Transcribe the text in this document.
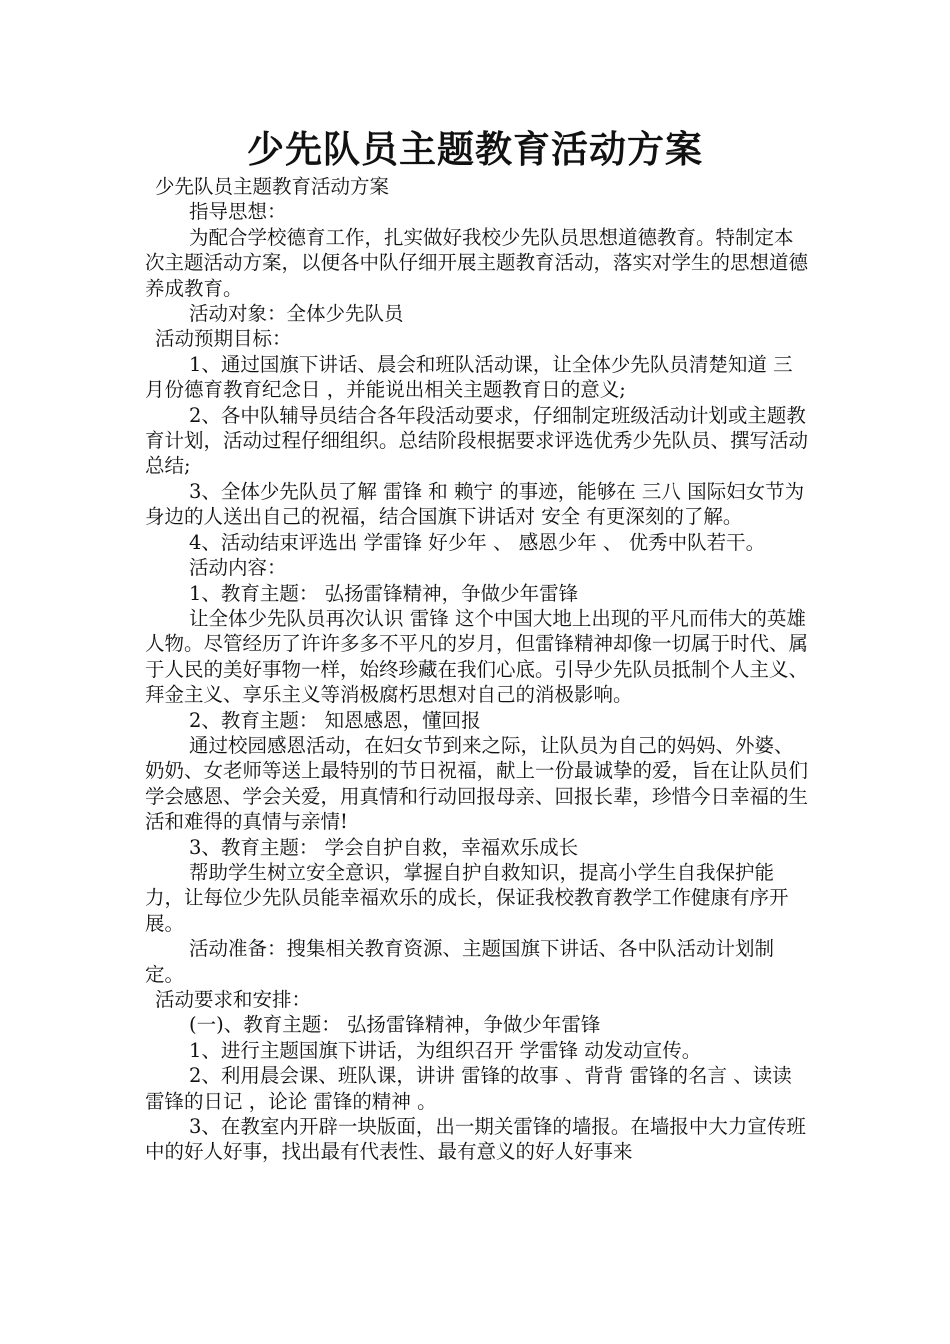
少先队员主题教育活动方案

少先队员主题教育活动方案

指导思想：

为配合学校德育工作，扎实做好我校少先队员思想道德教育。特制定本次主题活动方案，以便各中队仔细开展主题教育活动，落实对学生的思想道德养成教育。

活动对象：全体少先队员

活动预期目标：

1、通过国旗下讲话、晨会和班队活动课，让全体少先队员清楚知道 三月份德育教育纪念日 ，并能说出相关主题教育日的意义;

2、各中队辅导员结合各年段活动要求，仔细制定班级活动计划或主题教育计划，活动过程仔细组织。总结阶段根据要求评选优秀少先队员、撰写活动总结;

3、全体少先队员了解 雷锋 和 赖宁 的事迹，能够在 三八 国际妇女节为身边的人送出自己的祝福，结合国旗下讲话对 安全 有更深刻的了解。

4、活动结束评选出 学雷锋 好少年 、 感恩少年 、 优秀中队若干。

活动内容：

1、教育主题： 弘扬雷锋精神，争做少年雷锋

让全体少先队员再次认识 雷锋 这个中国大地上出现的平凡而伟大的英雄人物。尽管经历了许许多多不平凡的岁月，但雷锋精神却像一切属于时代、属于人民的美好事物一样，始终珍藏在我们心底。引导少先队员抵制个人主义、拜金主义、享乐主义等消极腐朽思想对自己的消极影响。

2、教育主题： 知恩感恩，懂回报

通过校园感恩活动，在妇女节到来之际，让队员为自己的妈妈、外婆、奶奶、女老师等送上最特别的节日祝福，献上一份最诚挚的爱，旨在让队员们学会感恩、学会关爱，用真情和行动回报母亲、回报长辈，珍惜今日幸福的生活和难得的真情与亲情!

3、教育主题： 学会自护自救，幸福欢乐成长

帮助学生树立安全意识，掌握自护自救知识，提高小学生自我保护能力，让每位少先队员能幸福欢乐的成长，保证我校教育教学工作健康有序开展。

活动准备：搜集相关教育资源、主题国旗下讲话、各中队活动计划制定。

活动要求和安排：

(一)、教育主题： 弘扬雷锋精神，争做少年雷锋

1、进行主题国旗下讲话，为组织召开 学雷锋 动发动宣传。

2、利用晨会课、班队课，讲讲 雷锋的故事 、背背 雷锋的名言 、读读 雷锋的日记 ，论论 雷锋的精神 。

3、在教室内开辟一块版面，出一期关雷锋的墙报。在墙报中大力宣传班中的好人好事，找出最有代表性、最有意义的好人好事来
